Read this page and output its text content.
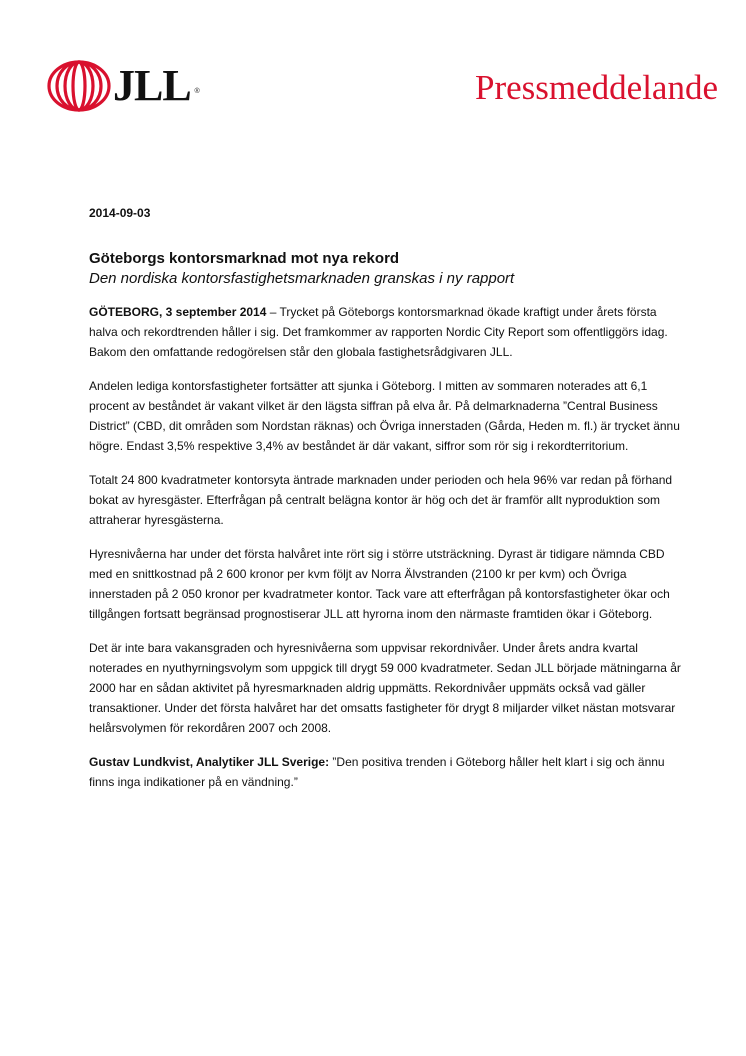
JLL ®	Pressmeddelande
2014-09-03
Göteborgs kontorsmarknad mot nya rekord
Den nordiska kontorsfastighetsmarknaden granskas i ny rapport

GÖTEBORG, 3 september 2014 – Trycket på Göteborgs kontorsmarknad ökade kraftigt under årets första halva och rekordtrenden håller i sig. Det framkommer av rapporten Nordic City Report som offentliggörs idag. Bakom den omfattande redogörelsen står den globala fastighetsrådgivaren JLL.

Andelen lediga kontorsfastigheter fortsätter att sjunka i Göteborg. I mitten av sommaren noterades att 6,1 procent av beståndet är vakant vilket är den lägsta siffran på elva år. På delmarknaderna ”Central Business District” (CBD, dit områden som Nordstan räknas) och Övriga innerstaden (Gårda, Heden m. fl.) är trycket ännu högre. Endast 3,5% respektive 3,4% av beståndet är där vakant, siffror som rör sig i rekordterritorium.

Totalt 24 800 kvadratmeter kontorsyta äntrade marknaden under perioden och hela 96% var redan på förhand bokat av hyresgäster. Efterfrågan på centralt belägna kontor är hög och det är framför allt nyproduktion som attraherar hyresgästerna.

Hyresnivåerna har under det första halvåret inte rört sig i större utsträckning. Dyrast är tidigare nämnda CBD med en snittkostnad på 2 600 kronor per kvm följt av Norra Älvstranden (2100 kr per kvm) och Övriga innerstaden på 2 050 kronor per kvadratmeter kontor. Tack vare att efterfrågan på kontorsfastigheter ökar och tillgången fortsatt begränsad prognostiserar JLL att hyrorna inom den närmaste framtiden ökar i Göteborg.

Det är inte bara vakansgraden och hyresnivåerna som uppvisar rekordnivåer. Under årets andra kvartal noterades en nyuthyrningsvolym som uppgick till drygt 59 000 kvadratmeter. Sedan JLL började mätningarna år 2000 har en sådan aktivitet på hyresmarknaden aldrig uppmätts. Rekordnivåer uppmäts också vad gäller transaktioner. Under det första halvåret har det omsatts fastigheter för drygt 8 miljarder vilket nästan motsvarar helårsvolymen för rekordåren 2007 och 2008.

Gustav Lundkvist, Analytiker JLL Sverige: ”Den positiva trenden i Göteborg håller helt klart i sig och ännu finns inga indikationer på en vändning.”
